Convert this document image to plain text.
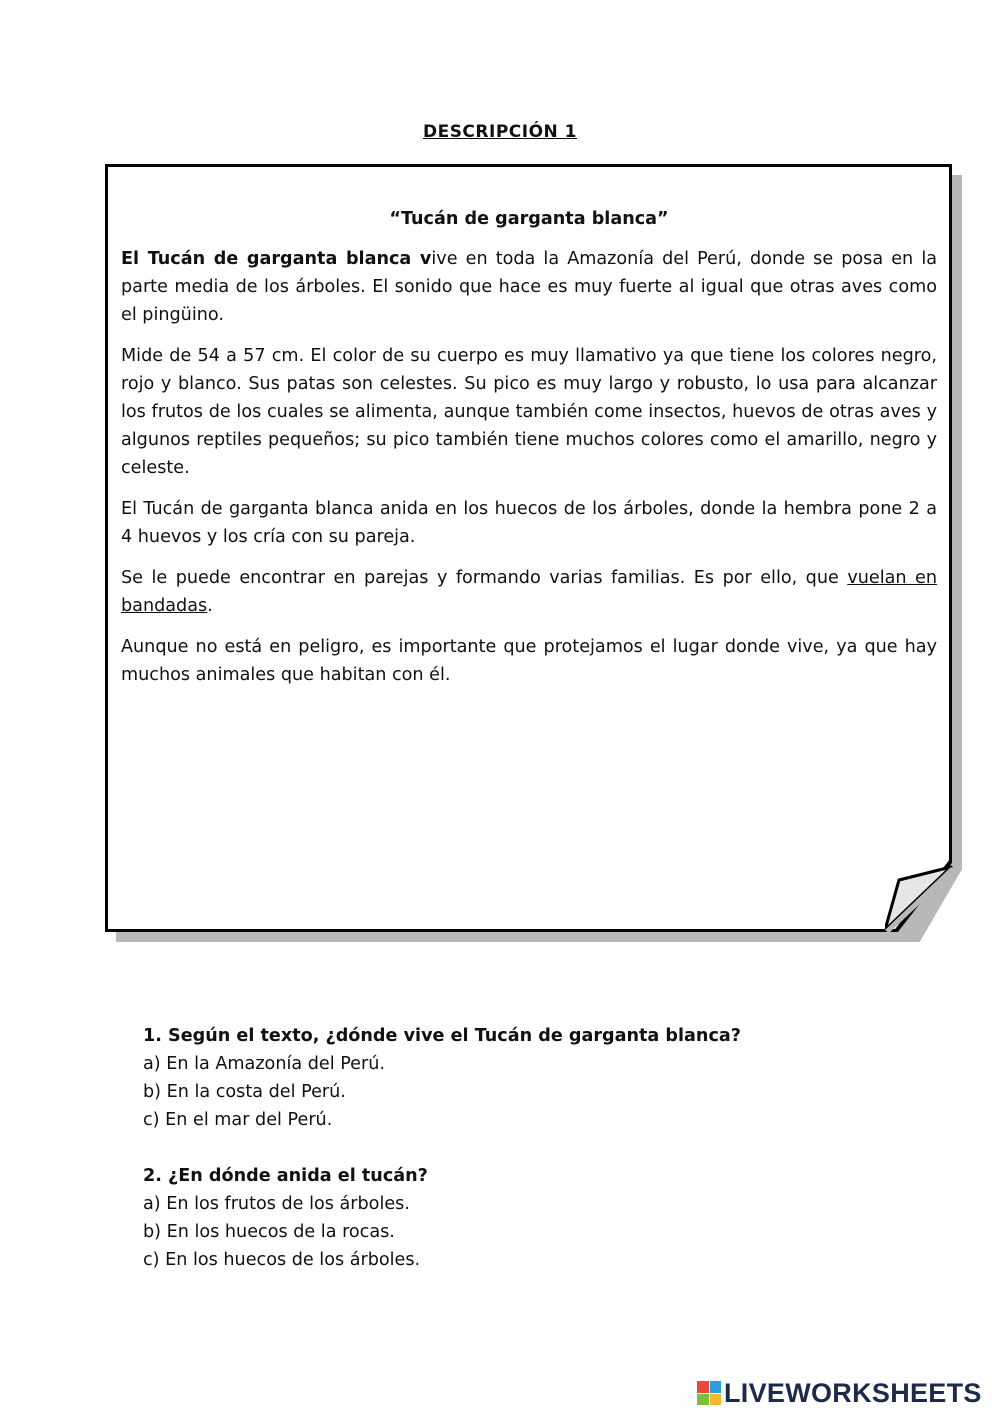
DESCRIPCIÓN 1
“Tucán de garganta blanca”

El Tucán de garganta blanca vive en toda la Amazonía del Perú, donde se posa en la parte media de los árboles. El sonido que hace es muy fuerte al igual que otras aves como el pingüino.

Mide de 54 a 57 cm. El color de su cuerpo es muy llamativo ya que tiene los colores negro, rojo y blanco. Sus patas son celestes. Su pico es muy largo y robusto, lo usa para alcanzar los frutos de los cuales se alimenta, aunque también come insectos, huevos de otras aves y algunos reptiles pequeños; su pico también tiene muchos colores como el amarillo, negro y celeste.

El Tucán de garganta blanca anida en los huecos de los árboles, donde la hembra pone 2 a 4 huevos y los cría con su pareja.

Se le puede encontrar en parejas y formando varias familias. Es por ello, que vuelan en bandadas.

Aunque no está en peligro, es importante que protejamos el lugar donde vive, ya que hay muchos animales que habitan con él.

1. Según el texto, ¿dónde vive el Tucán de garganta blanca?
a) En la Amazonía del Perú.
b) En la costa del Perú.
c) En el mar del Perú.
2. ¿En dónde anida el tucán?
a) En los frutos de los árboles.
b) En los huecos de la rocas.
c) En los huecos de los árboles.
LIVEWORKSHEETS
